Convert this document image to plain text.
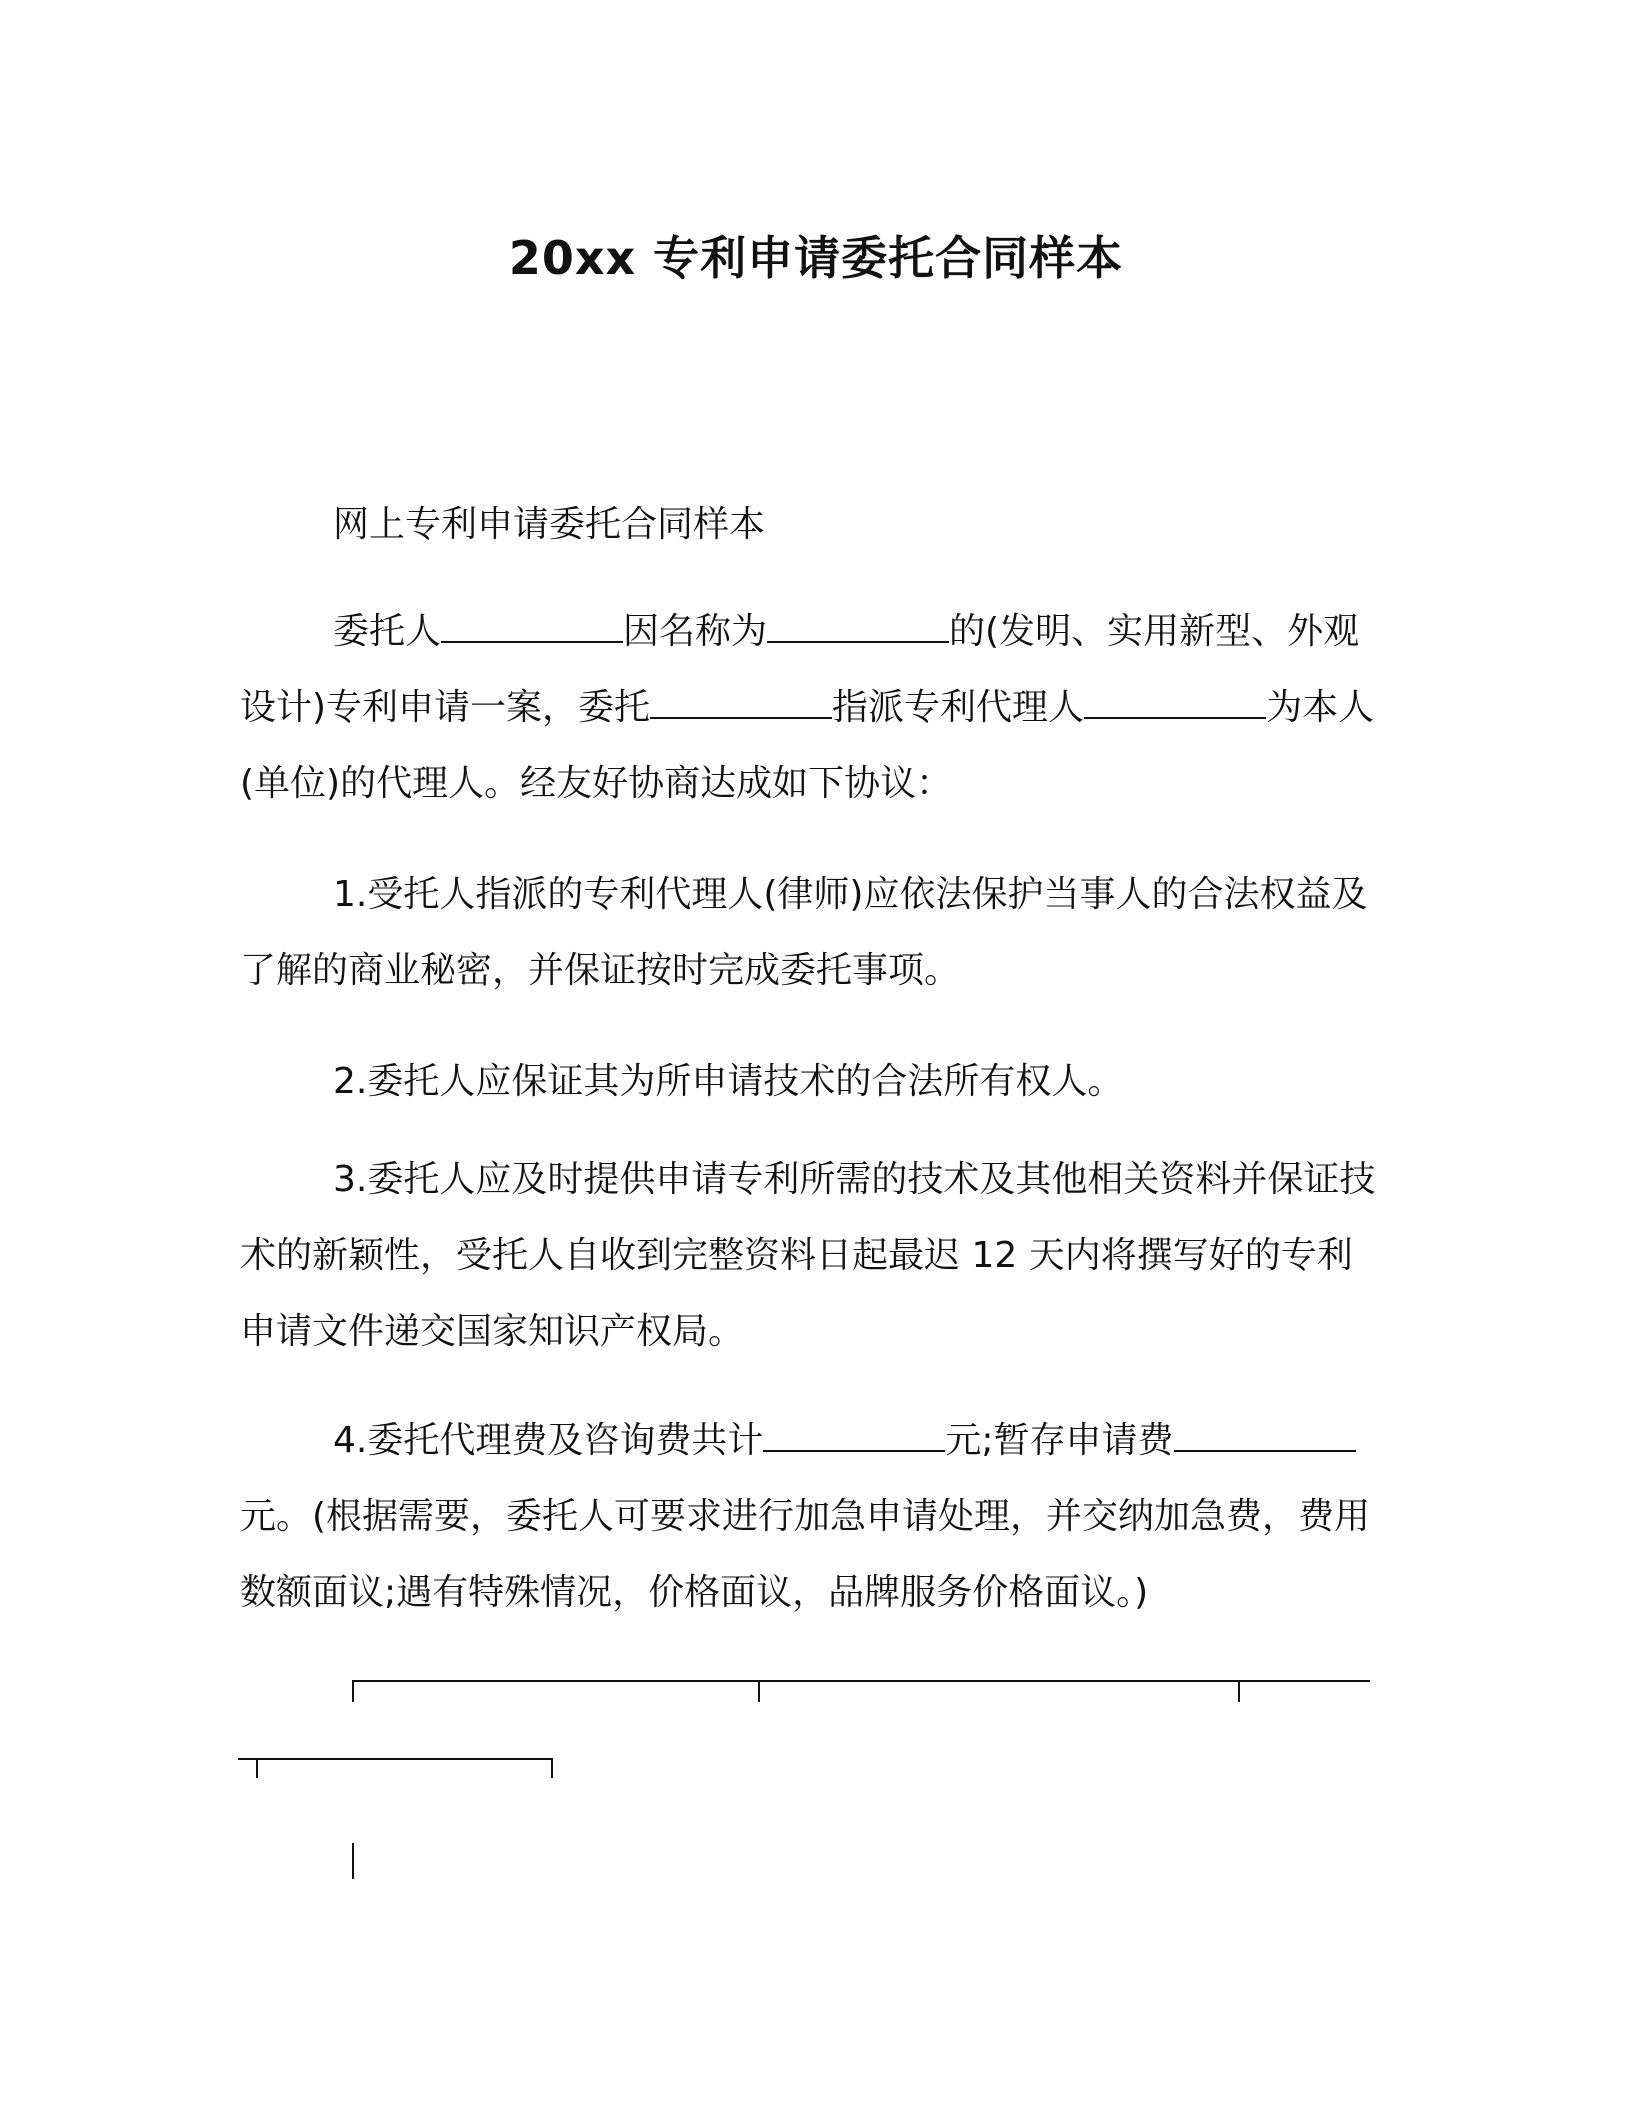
20xx 专利申请委托合同样本
网上专利申请委托合同样本
委托人	因名称为	的(发明、实用新型、外观设计)专利申请一案，委托	指派专利代理人	为本人(单位)的代理人。经友好协商达成如下协议：
1.受托人指派的专利代理人(律师)应依法保护当事人的合法权益及了解的商业秘密，并保证按时完成委托事项。
2.委托人应保证其为所申请技术的合法所有权人。
3.委托人应及时提供申请专利所需的技术及其他相关资料并保证技术的新颖性，受托人自收到完整资料日起最迟 12 天内将撰写好的专利申请文件递交国家知识产权局。
4.委托代理费及咨询费共计	元;暂存申请费元。(根据需要，委托人可要求进行加急申请处理，并交纳加急费，费用数额面议;遇有特殊情况，价格面议，品牌服务价格面议。)
